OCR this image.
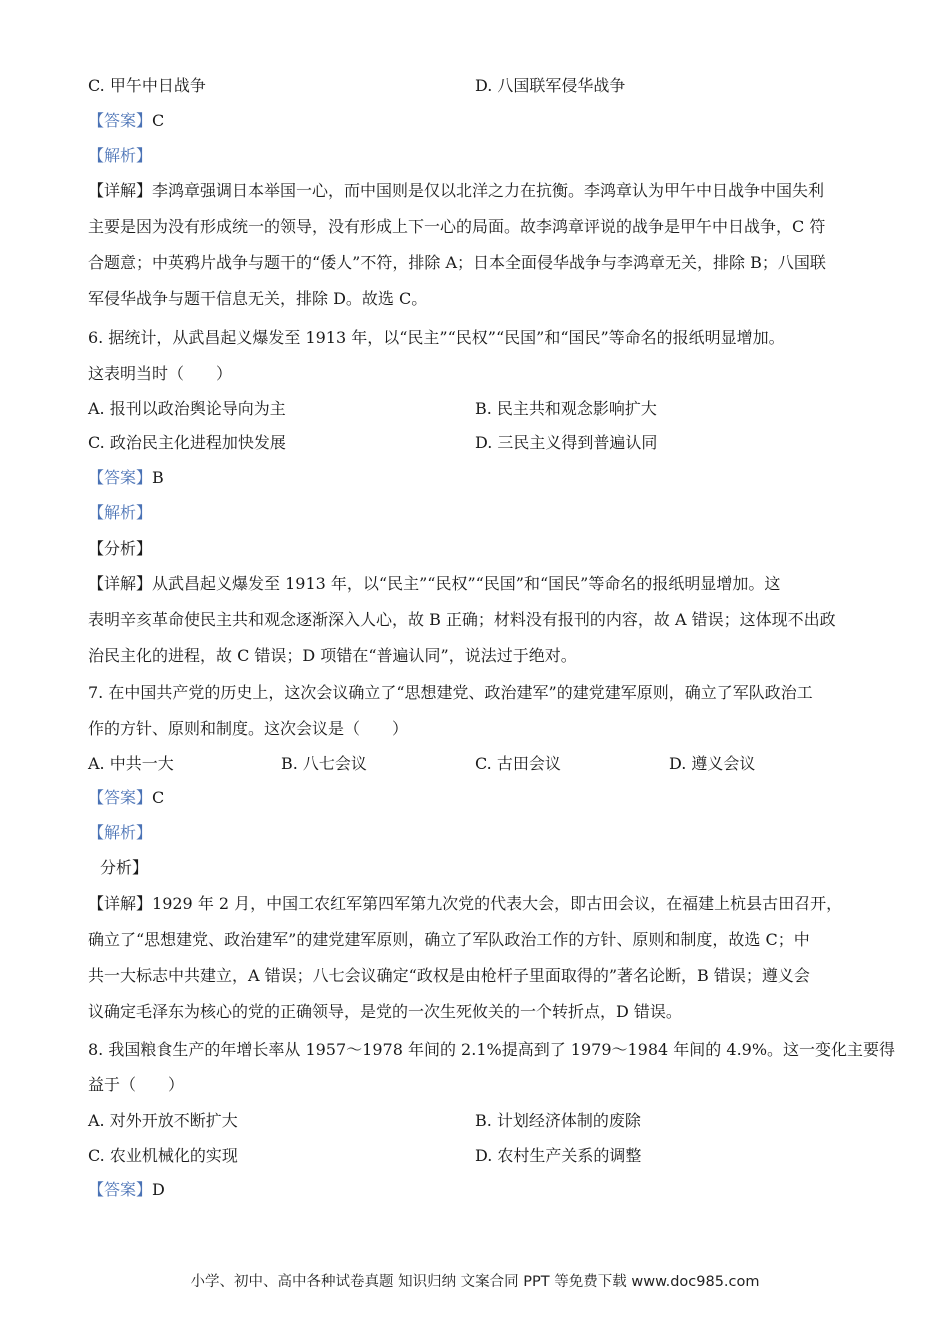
C. 甲午中日战争	D. 八国联军侵华战争
【答案】C
【解析】
【详解】李鸿章强调日本举国一心，而中国则是仅以北洋之力在抗衡。李鸿章认为甲午中日战争中国失利
主要是因为没有形成统一的领导，没有形成上下一心的局面。故李鸿章评说的战争是甲午中日战争，C 符
合题意；中英鸦片战争与题干的“倭人”不符，排除 A；日本全面侵华战争与李鸿章无关，排除 B；八国联
军侵华战争与题干信息无关，排除 D。故选 C。
6. 据统计，从武昌起义爆发至 1913 年，以“民主”“民权”“民国”和“国民”等命名的报纸明显增加。
这表明当时（　　）
A. 报刊以政治舆论导向为主	B. 民主共和观念影响扩大
C. 政治民主化进程加快发展	D. 三民主义得到普遍认同
【答案】B
【解析】
【分析】
【详解】从武昌起义爆发至 1913 年，以“民主”“民权”“民国”和“国民”等命名的报纸明显增加。这
表明辛亥革命使民主共和观念逐渐深入人心，故 B 正确；材料没有报刊的内容，故 A 错误；这体现不出政
治民主化的进程，故 C 错误；D 项错在“普遍认同”，说法过于绝对。
7. 在中国共产党的历史上，这次会议确立了“思想建党、政治建军”的建党建军原则，确立了军队政治工
作的方针、原则和制度。这次会议是（　　）
A. 中共一大	B. 八七会议	C. 古田会议	D. 遵义会议
【答案】C
【解析】
分析】
【详解】1929 年 2 月，中国工农红军第四军第九次党的代表大会，即古田会议，在福建上杭县古田召开，
确立了“思想建党、政治建军”的建党建军原则，确立了军队政治工作的方针、原则和制度，故选 C；中
共一大标志中共建立，A 错误；八七会议确定“政权是由枪杆子里面取得的”著名论断，B 错误；遵义会
议确定毛泽东为核心的党的正确领导，是党的一次生死攸关的一个转折点，D 错误。
8. 我国粮食生产的年增长率从 1957～1978 年间的 2.1%提高到了 1979～1984 年间的 4.9%。这一变化主要得
益于（　　）
A. 对外开放不断扩大	B. 计划经济体制的废除
C. 农业机械化的实现	D. 农村生产关系的调整
【答案】D
小学、初中、高中各种试卷真题 知识归纳 文案合同 PPT 等免费下载 www.doc985.com
